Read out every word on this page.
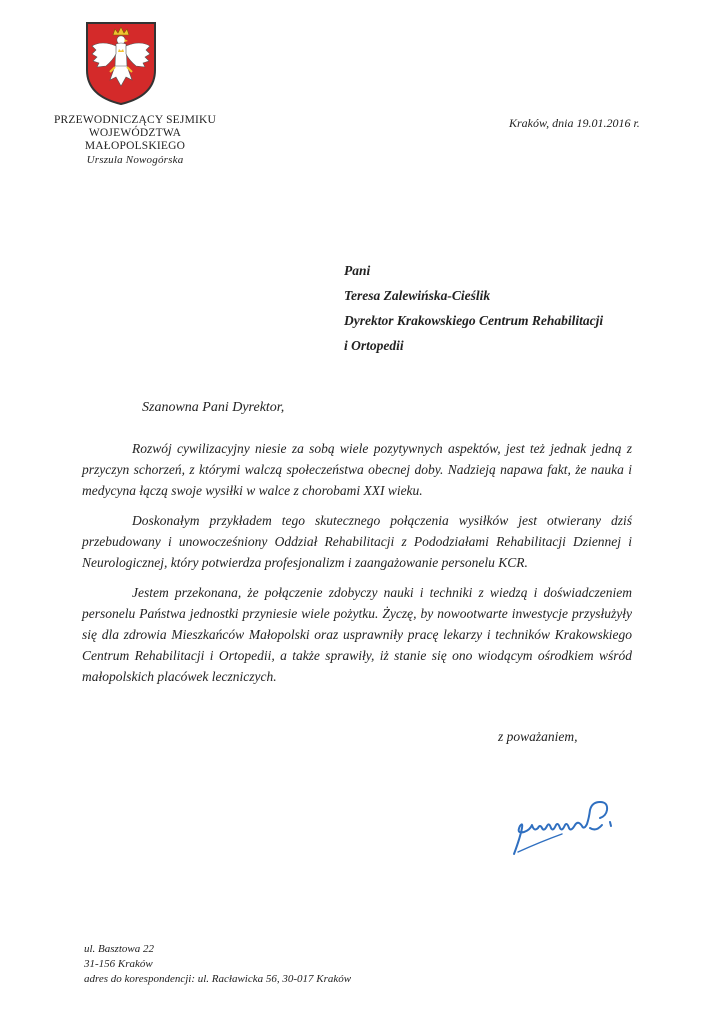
PRZEWODNICZĄCY SEJMIKU
WOJEWÓDZTWA
MAŁOPOLSKIEGO
Urszula Nowogórska
Kraków, dnia 19.01.2016 r.
Pani
Teresa Zalewińska-Cieślik
Dyrektor Krakowskiego Centrum Rehabilitacji
i Ortopedii
Szanowna Pani Dyrektor,

Rozwój cywilizacyjny niesie za sobą wiele pozytywnych aspektów, jest też jednak jedną z przyczyn schorzeń, z którymi walczą społeczeństwa obecnej doby. Nadzieją napawa fakt, że nauka i medycyna łączą swoje wysiłki w walce z chorobami XXI wieku.

Doskonałym przykładem tego skutecznego połączenia wysiłków jest otwierany dziś przebudowany i unowocześniony Oddział Rehabilitacji z Pododziałami Rehabilitacji Dziennej i Neurologicznej, który potwierdza profesjonalizm i zaangażowanie personelu KCR.

Jestem przekonana, że połączenie zdobyczy nauki i techniki z wiedzą i doświadczeniem personelu Państwa jednostki przyniesie wiele pożytku. Życzę, by nowootwarte inwestycje przysłużyły się dla zdrowia Mieszkańców Małopolski oraz usprawniły pracę lekarzy i techników Krakowskiego Centrum Rehabilitacji i Ortopedii, a także sprawiły, iż stanie się ono wiodącym ośrodkiem wśród małopolskich placówek leczniczych.

z poważaniem,
ul. Basztowa 22
31-156 Kraków
adres do korespondencji: ul. Racławicka 56, 30-017 Kraków
